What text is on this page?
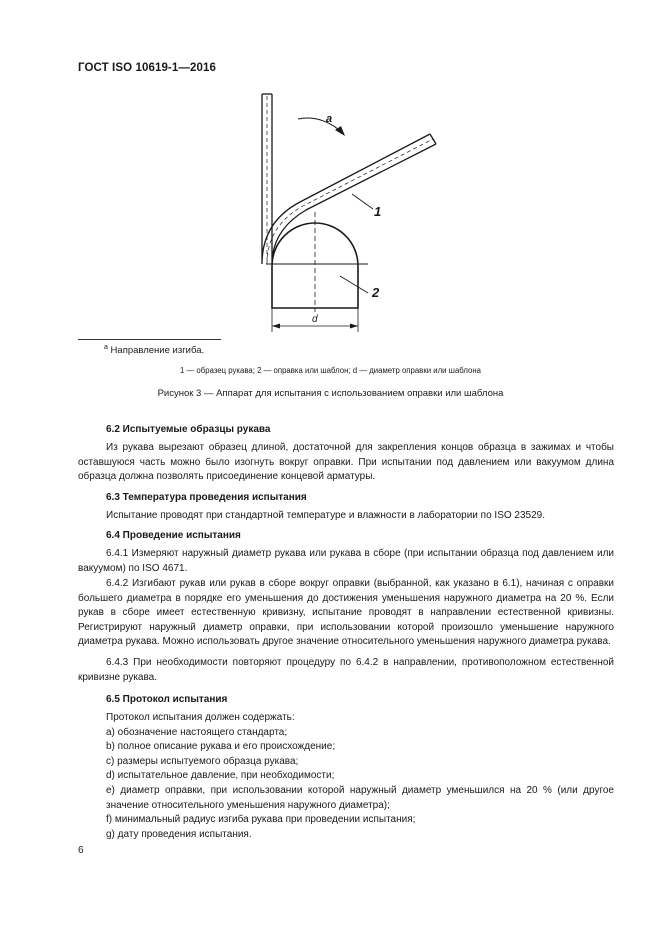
ГОСТ ISO 10619-1—2016
a
1
2
d
$^a$ Направление изгиба.
1 — образец рукава; 2 — оправка или шаблон; d — диаметр оправки или шаблона
Рисунок 3 — Аппарат для испытания с использованием оправки или шаблона
6.2 Испытуемые образцы рукава
Из рукава вырезают образец длиной, достаточной для закрепления концов образца в зажимах и чтобы оставшуюся часть можно было изогнуть вокруг оправки. При испытании под давлением или вакуумом длина образца должна позволять присоединение концевой арматуры.
6.3 Температура проведения испытания
Испытание проводят при стандартной температуре и влажности в лаборатории по ISO 23529.
6.4 Проведение испытания
6.4.1 Измеряют наружный диаметр рукава или рукава в сборе (при испытании образца под давлением или вакуумом) по ISO 4671.
6.4.2 Изгибают рукав или рукав в сборе вокруг оправки (выбранной, как указано в 6.1), начиная с оправки большего диаметра в порядке его уменьшения до достижения уменьшения наружного диаметра на 20 %. Если рукав в сборе имеет естественную кривизну, испытание проводят в направлении естественной кривизны. Регистрируют наружный диаметр оправки, при использовании которой произошло уменьшение наружного диаметра рукава. Можно использовать другое значение относительного уменьшения наружного диаметра рукава.
6.4.3 При необходимости повторяют процедуру по 6.4.2 в направлении, противоположном естественной кривизне рукава.
6.5 Протокол испытания
Протокол испытания должен содержать:
a) обозначение настоящего стандарта;
b) полное описание рукава и его происхождение;
c) размеры испытуемого образца рукава;
d) испытательное давление, при необходимости;
e) диаметр оправки, при использовании которой наружный диаметр уменьшился на 20 % (или другое значение относительного уменьшения наружного диаметра);
f) минимальный радиус изгиба рукава при проведении испытания;
g) дату проведения испытания.
6
